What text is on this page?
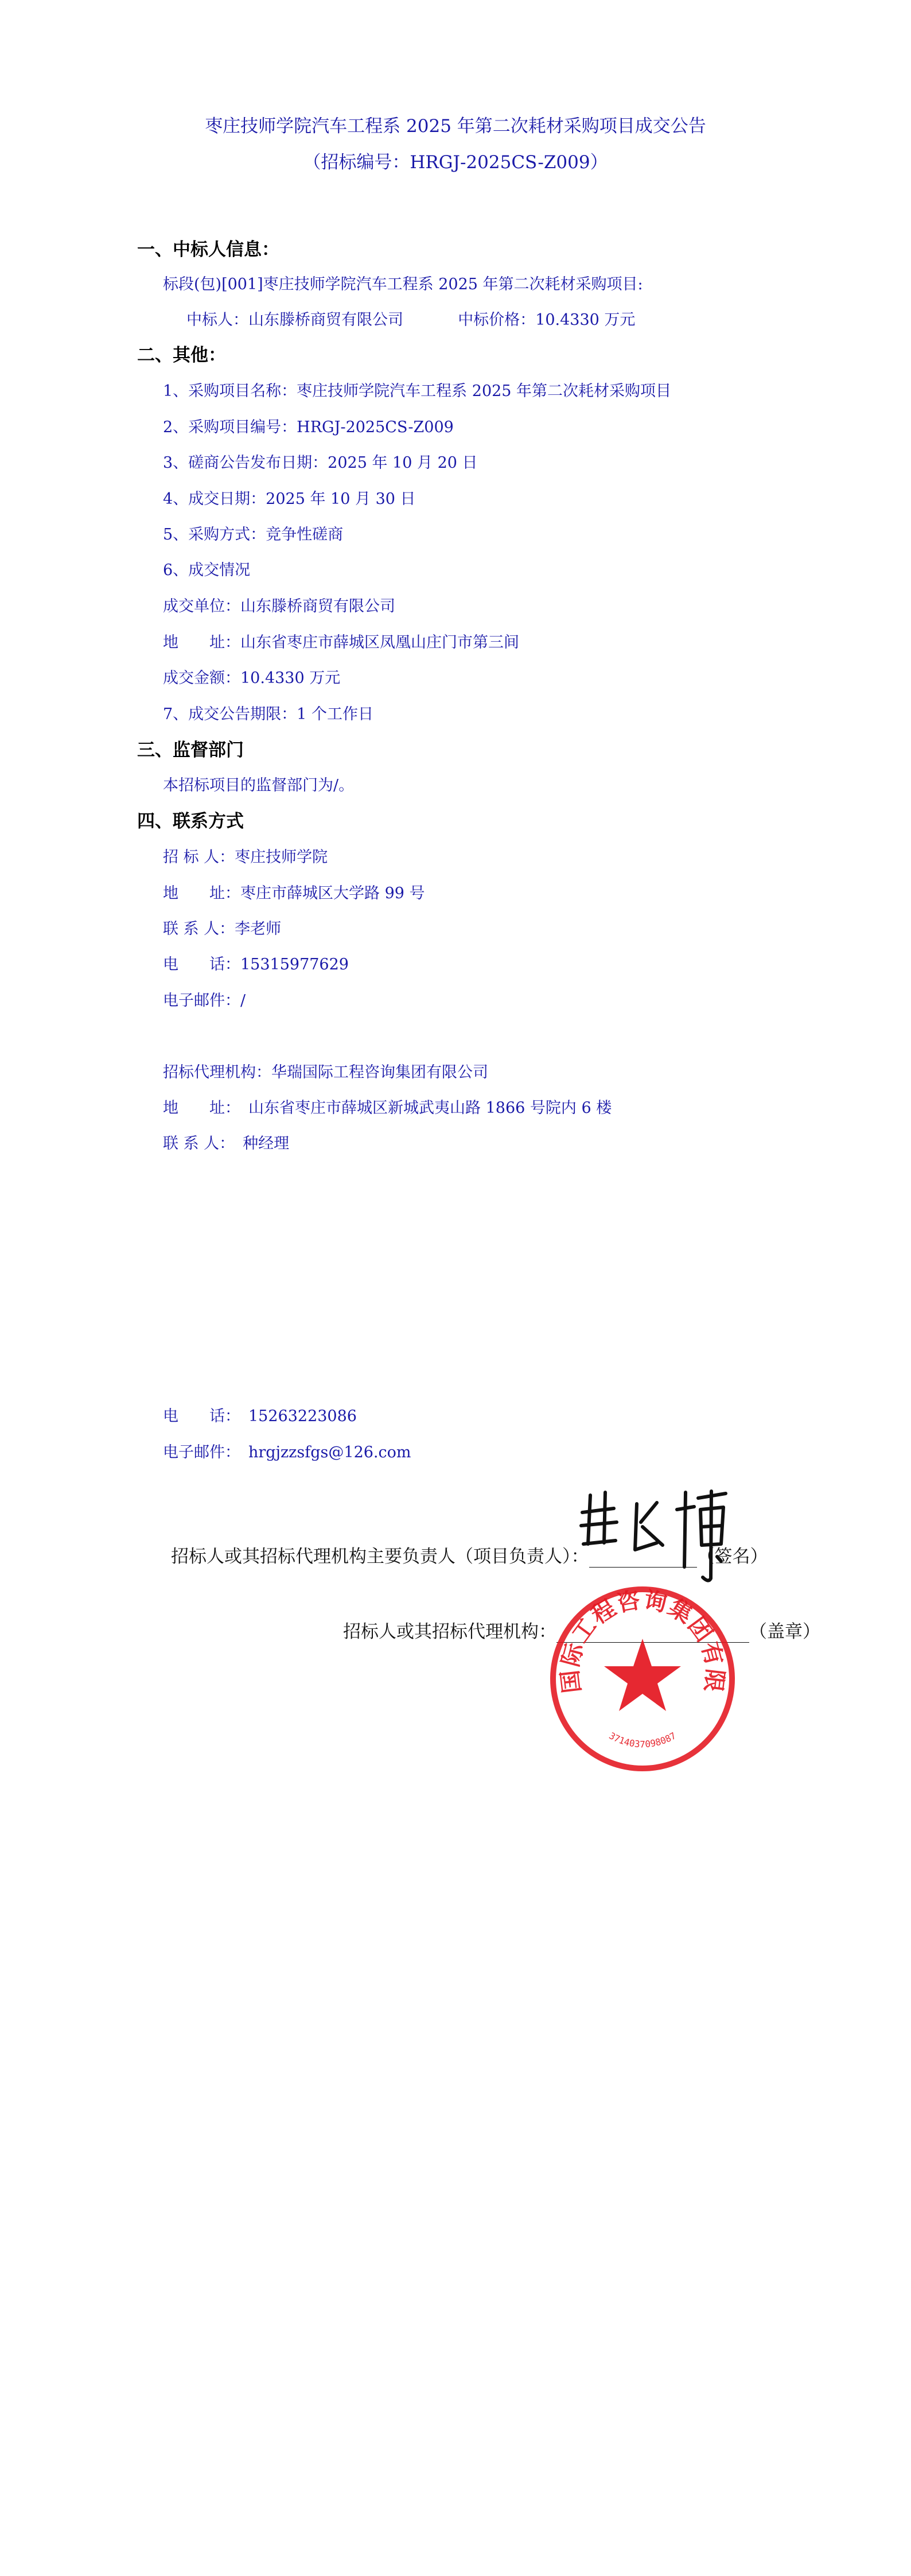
枣庄技师学院汽车工程系 2025 年第二次耗材采购项目成交公告
（招标编号：HRGJ-2025CS-Z009）
一、中标人信息：
标段(包)[001]枣庄技师学院汽车工程系 2025 年第二次耗材采购项目:
中标人：山东滕桥商贸有限公司	中标价格：10.4330 万元
二、其他：
1、采购项目名称：枣庄技师学院汽车工程系 2025 年第二次耗材采购项目
2、采购项目编号：HRGJ-2025CS-Z009
3、磋商公告发布日期：2025 年 10 月 20 日
4、成交日期：2025 年 10 月 30 日
5、采购方式：竞争性磋商
6、成交情况
成交单位：山东滕桥商贸有限公司
地　　址：山东省枣庄市薛城区凤凰山庄门市第三间
成交金额：10.4330 万元
7、成交公告期限：1 个工作日
三、监督部门
本招标项目的监督部门为/。
四、联系方式
招 标 人：枣庄技师学院
地　　址：枣庄市薛城区大学路 99 号
联 系 人：李老师
电　　话：15315977629
电子邮件：/
招标代理机构：华瑞国际工程咨询集团有限公司
地　　址： 山东省枣庄市薛城区新城武夷山路 1866 号院内 6 楼
联 系 人： 种经理
电　　话： 15263223086
电子邮件： hrgjzzsfgs@126.com
招标人或其招标代理机构主要负责人（项目负责人）：	（签名）
招标人或其招标代理机构：	（盖章）
华瑞国际工程咨询集团有限公司
3714037098087
